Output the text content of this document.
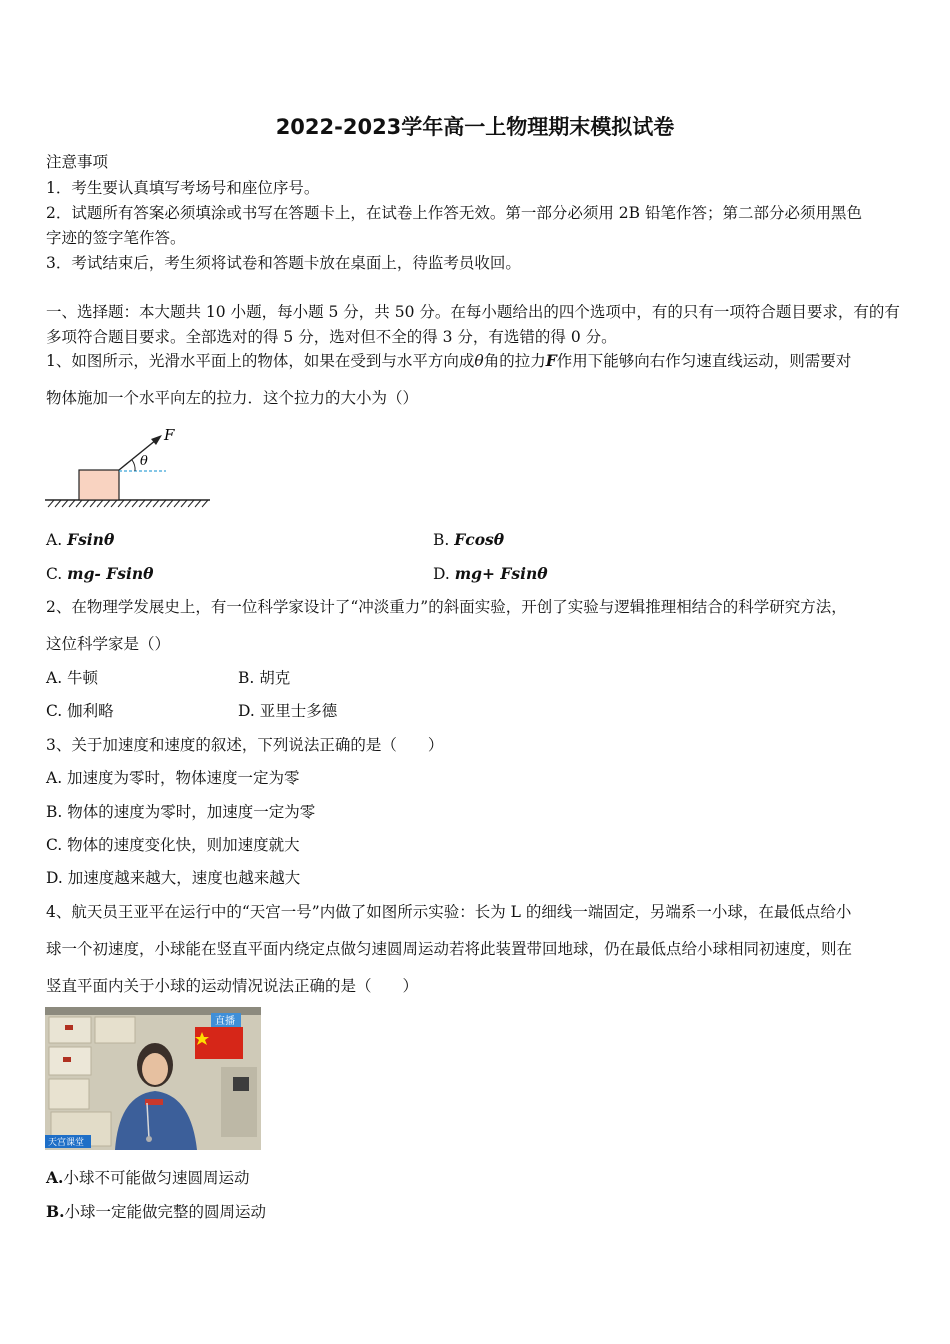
2022-2023学年高一上物理期末模拟试卷
注意事项
1．考生要认真填写考场号和座位序号。
2．试题所有答案必须填涂或书写在答题卡上，在试卷上作答无效。第一部分必须用 2B 铅笔作答；第二部分必须用黑色
字迹的签字笔作答。
3．考试结束后，考生须将试卷和答题卡放在桌面上，待监考员收回。
一、选择题：本大题共 10 小题，每小题 5 分，共 50 分。在每小题给出的四个选项中，有的只有一项符合题目要求，有的有
多项符合题目要求。全部选对的得 5 分，选对但不全的得 3 分，有选错的得 0 分。
1、如图所示，光滑水平面上的物体，如果在受到与水平方向成θ角的拉力F作用下能够向右作匀速直线运动，则需要对
物体施加一个水平向左的拉力．这个拉力的大小为（）
F
θ
A. Fsinθ	B. Fcosθ
C. mg- Fsinθ	D. mg+ Fsinθ
2、在物理学发展史上，有一位科学家设计了“冲淡重力”的斜面实验，开创了实验与逻辑推理相结合的科学研究方法，
这位科学家是（）
A. 牛顿	B. 胡克
C. 伽利略	D. 亚里士多德
3、关于加速度和速度的叙述，下列说法正确的是（　　）
A. 加速度为零时，物体速度一定为零
B. 物体的速度为零时，加速度一定为零
C. 物体的速度变化快，则加速度就大
D. 加速度越来越大，速度也越来越大
4、航天员王亚平在运行中的“天宫一号”内做了如图所示实验：长为 L 的细线一端固定，另端系一小球，在最低点给小
球一个初速度，小球能在竖直平面内绕定点做匀速圆周运动若将此装置带回地球，仍在最低点给小球相同初速度，则在
竖直平面内关于小球的运动情况说法正确的是（　　）
直播
天宫课堂
A.小球不可能做匀速圆周运动
B.小球一定能做完整的圆周运动
